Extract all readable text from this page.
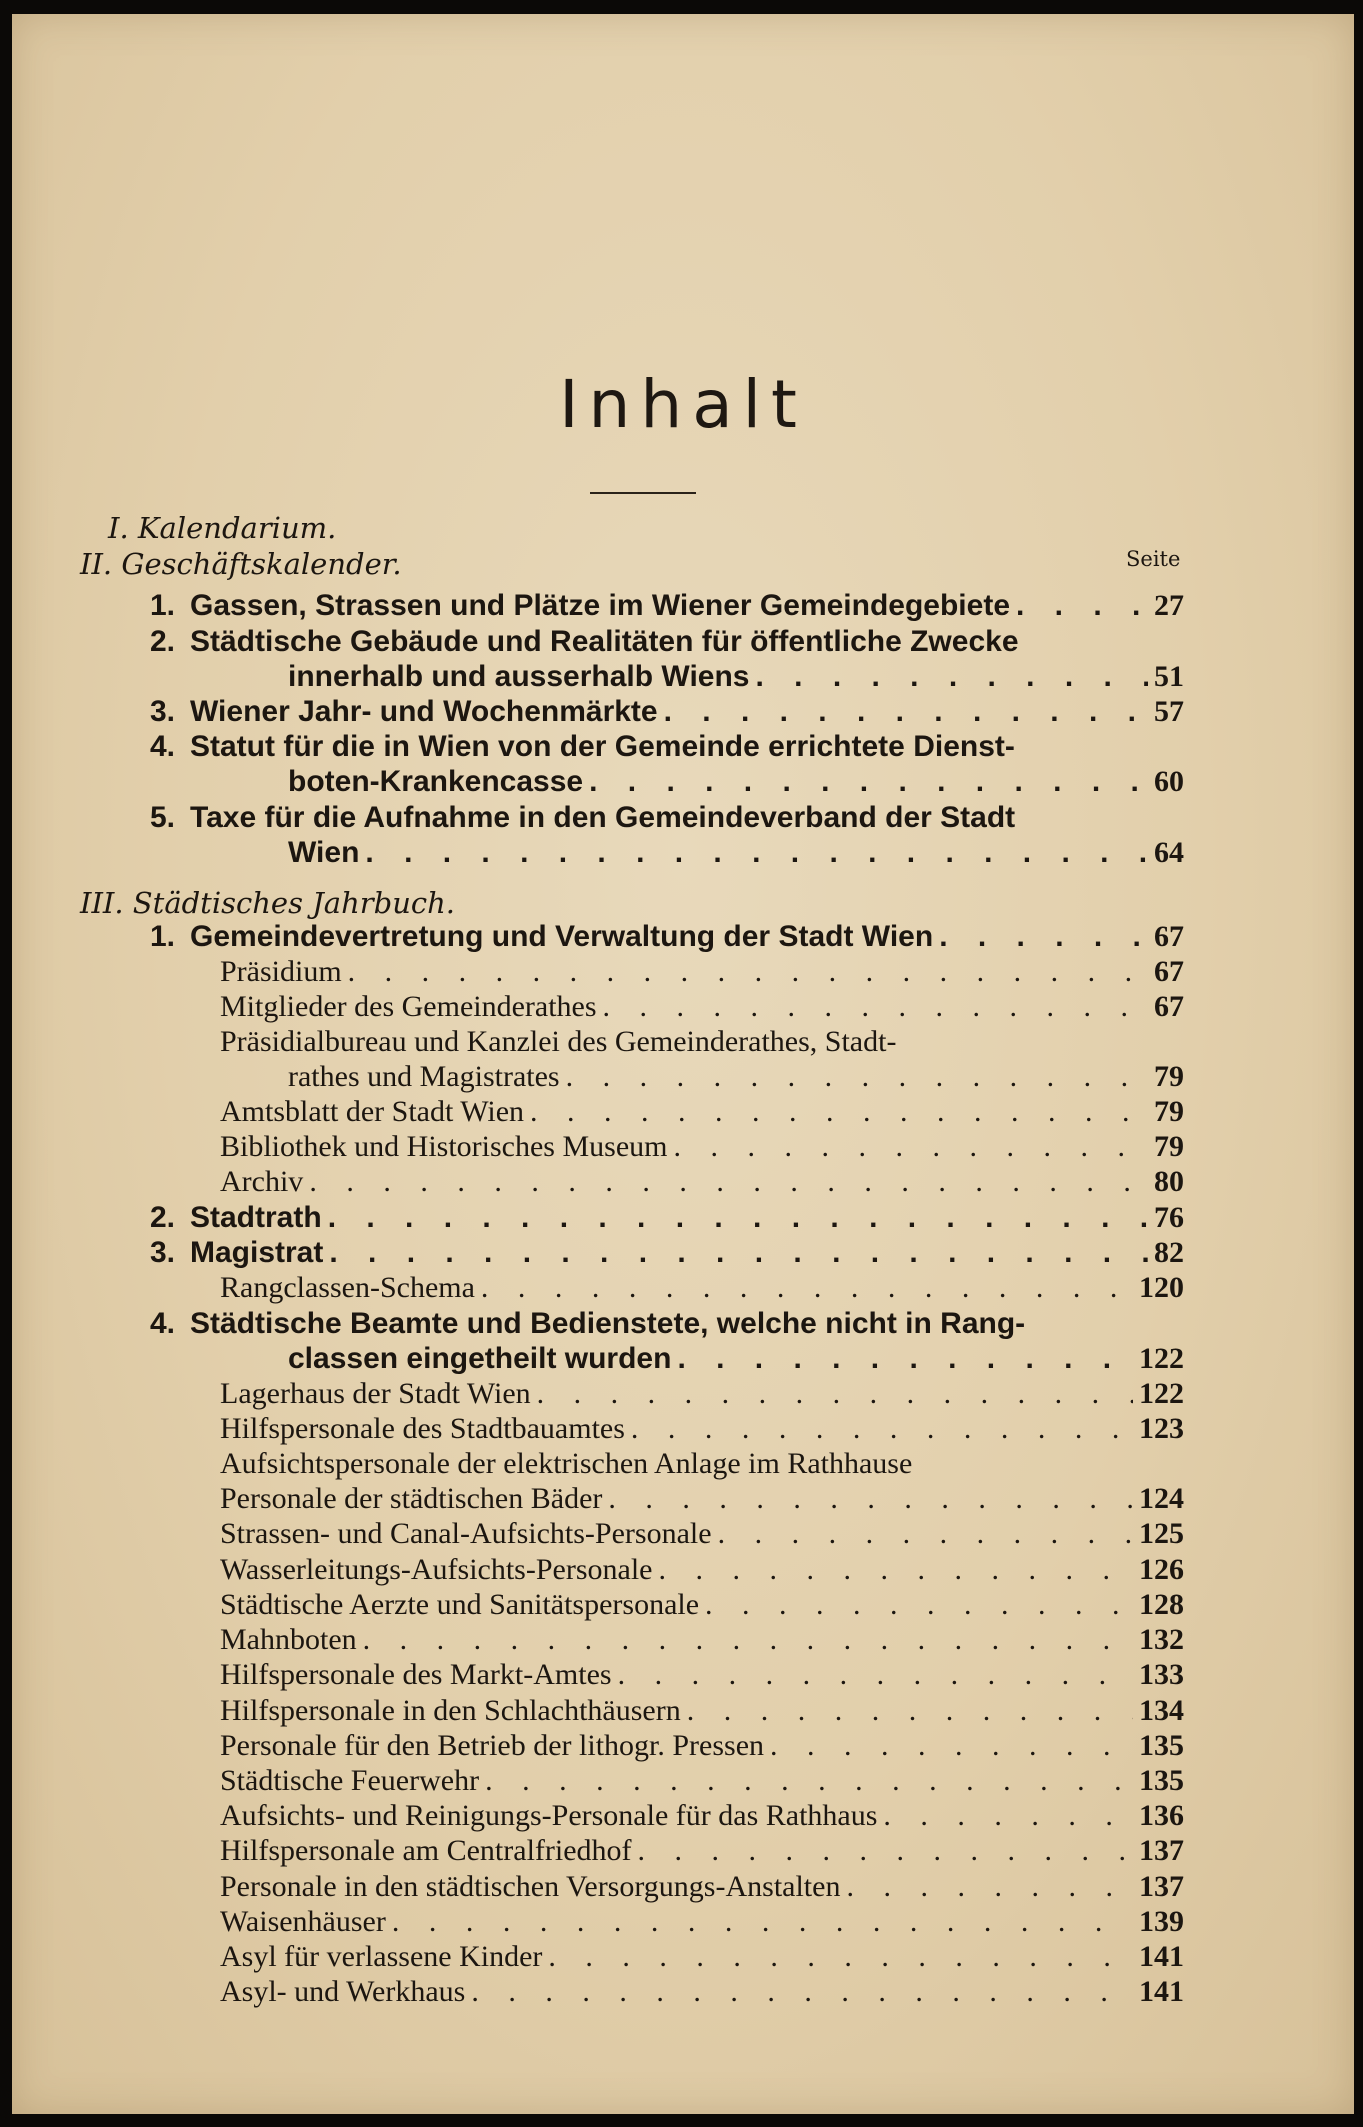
Inhalt
I. Kalendarium.
II. Geschäftskalender.	Seite
III. Städtisches Jahrbuch.
1. Gassen, Strassen und Plätze im Wiener Gemeindegebiete . . .	27
2. Städtische Gebäude und Realitäten für öffentliche Zwecke
innerhalb und ausserhalb Wiens . . .	51
3. Wiener Jahr- und Wochenmärkte . . .	57
4. Statut für die in Wien von der Gemeinde errichtete Dienst-
boten-Krankencasse . . .	60
5. Taxe für die Aufnahme in den Gemeindeverband der Stadt
Wien . . .	64
1. Gemeindevertretung und Verwaltung der Stadt Wien . . .	67
Präsidium . . .	67
Mitglieder des Gemeinderathes . . .	67
Präsidialbureau und Kanzlei des Gemeinderathes, Stadt-
rathes und Magistrates . . .	79
Amtsblatt der Stadt Wien . . .	79
Bibliothek und Historisches Museum . . .	79
Archiv . . .	80
2. Stadtrath . . .	76
3. Magistrat . . .	82
Rangclassen-Schema . . .	120
4. Städtische Beamte und Bedienstete, welche nicht in Rang-
classen eingetheilt wurden . . .	122
Lagerhaus der Stadt Wien . . .	122
Hilfspersonale des Stadtbauamtes . . .	123
Aufsichtspersonale der elektrischen Anlage im Rathhause
Personale der städtischen Bäder . . .	124
Strassen- und Canal-Aufsichts-Personale . . .	125
Wasserleitungs-Aufsichts-Personale . . .	126
Städtische Aerzte und Sanitätspersonale . . .	128
Mahnboten . . .	132
Hilfspersonale des Markt-Amtes . . .	133
Hilfspersonale in den Schlachthäusern . . .	134
Personale für den Betrieb der lithogr. Pressen . . .	135
Städtische Feuerwehr . . .	135
Aufsichts- und Reinigungs-Personale für das Rathhaus . . .	136
Hilfspersonale am Centralfriedhof . . .	137
Personale in den städtischen Versorgungs-Anstalten . . .	137
Waisenhäuser . . .	139
Asyl für verlassene Kinder . . .	141
Asyl- und Werkhaus . . .	141
